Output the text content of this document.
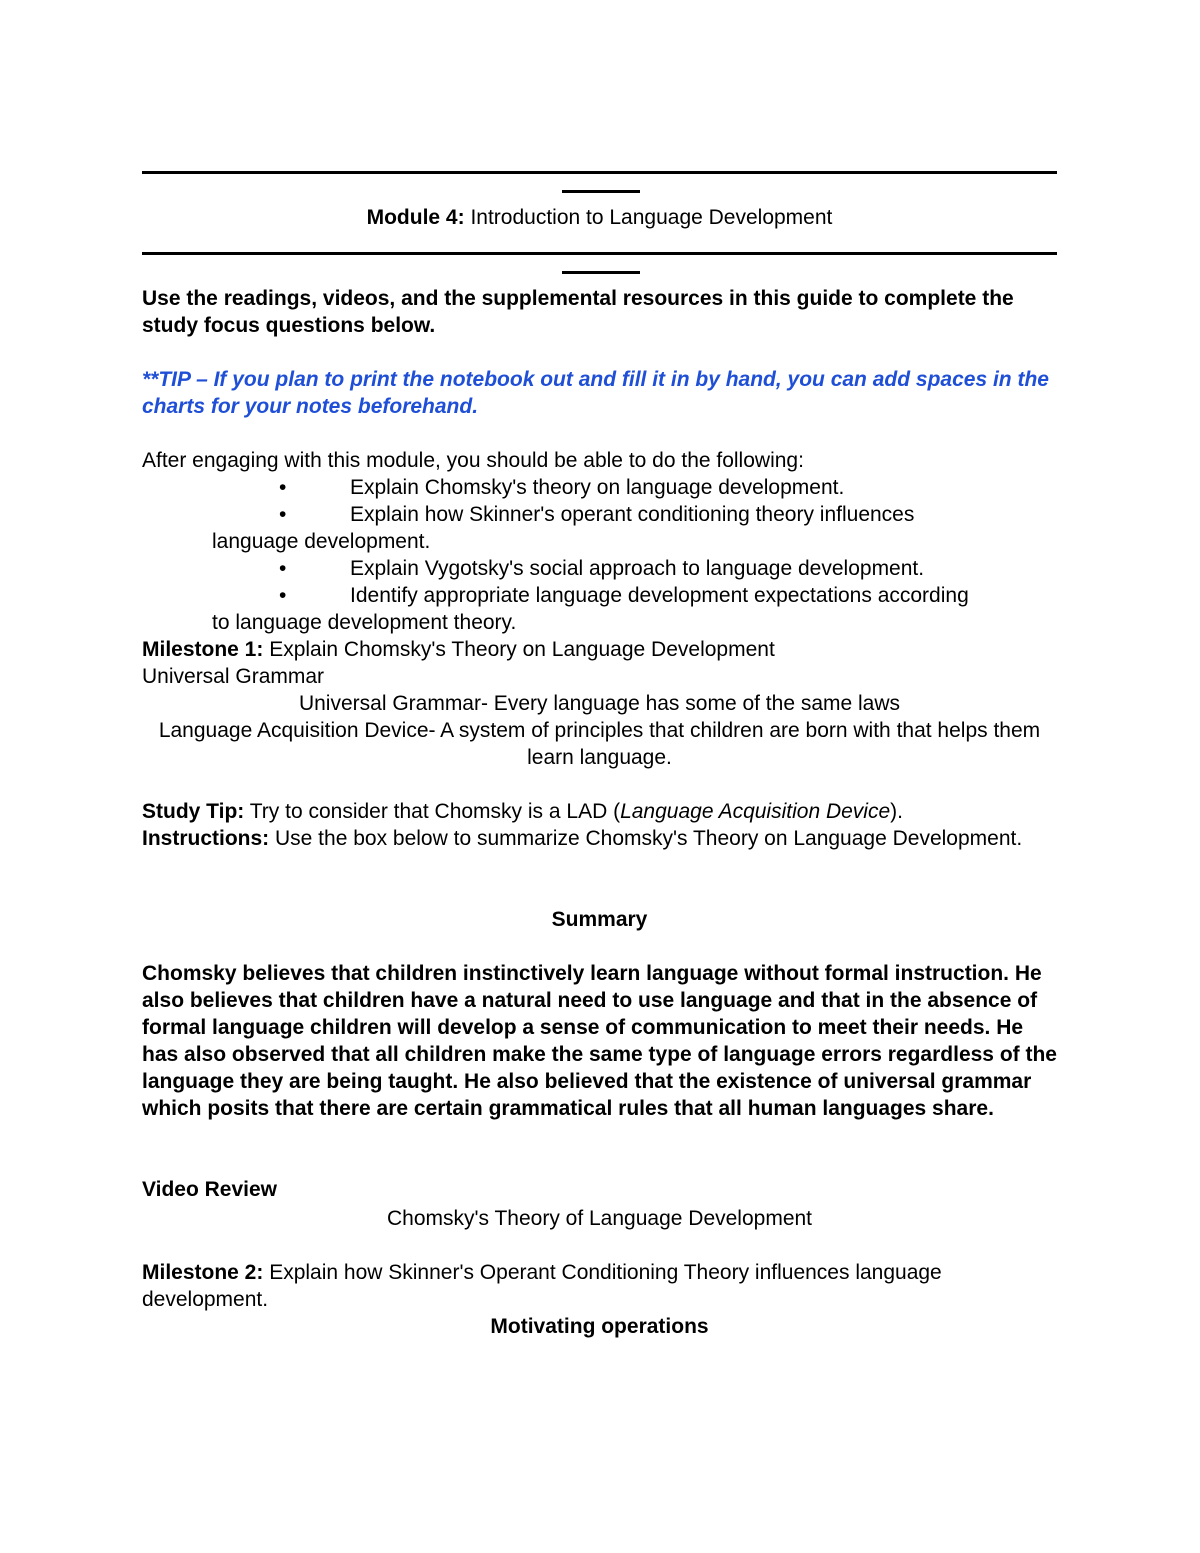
Module 4: Introduction to Language Development
Use the readings, videos, and the supplemental resources in this guide to complete the study focus questions below.
**TIP – If you plan to print the notebook out and fill it in by hand, you can add spaces in the charts for your notes beforehand.
After engaging with this module, you should be able to do the following:
•	Explain Chomsky's theory on language development.
•	Explain how Skinner's operant conditioning theory influences
language development.
•	Explain Vygotsky's social approach to language development.
•	Identify appropriate language development expectations according
to language development theory.
Milestone 1: Explain Chomsky's Theory on Language Development
Universal Grammar
Universal Grammar- Every language has some of the same laws
Language Acquisition Device- A system of principles that children are born with that helps them learn language.
Study Tip: Try to consider that Chomsky is a LAD (Language Acquisition Device).
Instructions: Use the box below to summarize Chomsky's Theory on Language Development.
Summary
Chomsky believes that children instinctively learn language without formal instruction. He also believes that children have a natural need to use language and that in the absence of formal language children will develop a sense of communication to meet their needs. He has also observed that all children make the same type of language errors regardless of the language they are being taught. He also believed that the existence of universal grammar which posits that there are certain grammatical rules that all human languages share.
Video Review
Chomsky's Theory of Language Development
Milestone 2: Explain how Skinner's Operant Conditioning Theory influences language development.
Motivating operations
